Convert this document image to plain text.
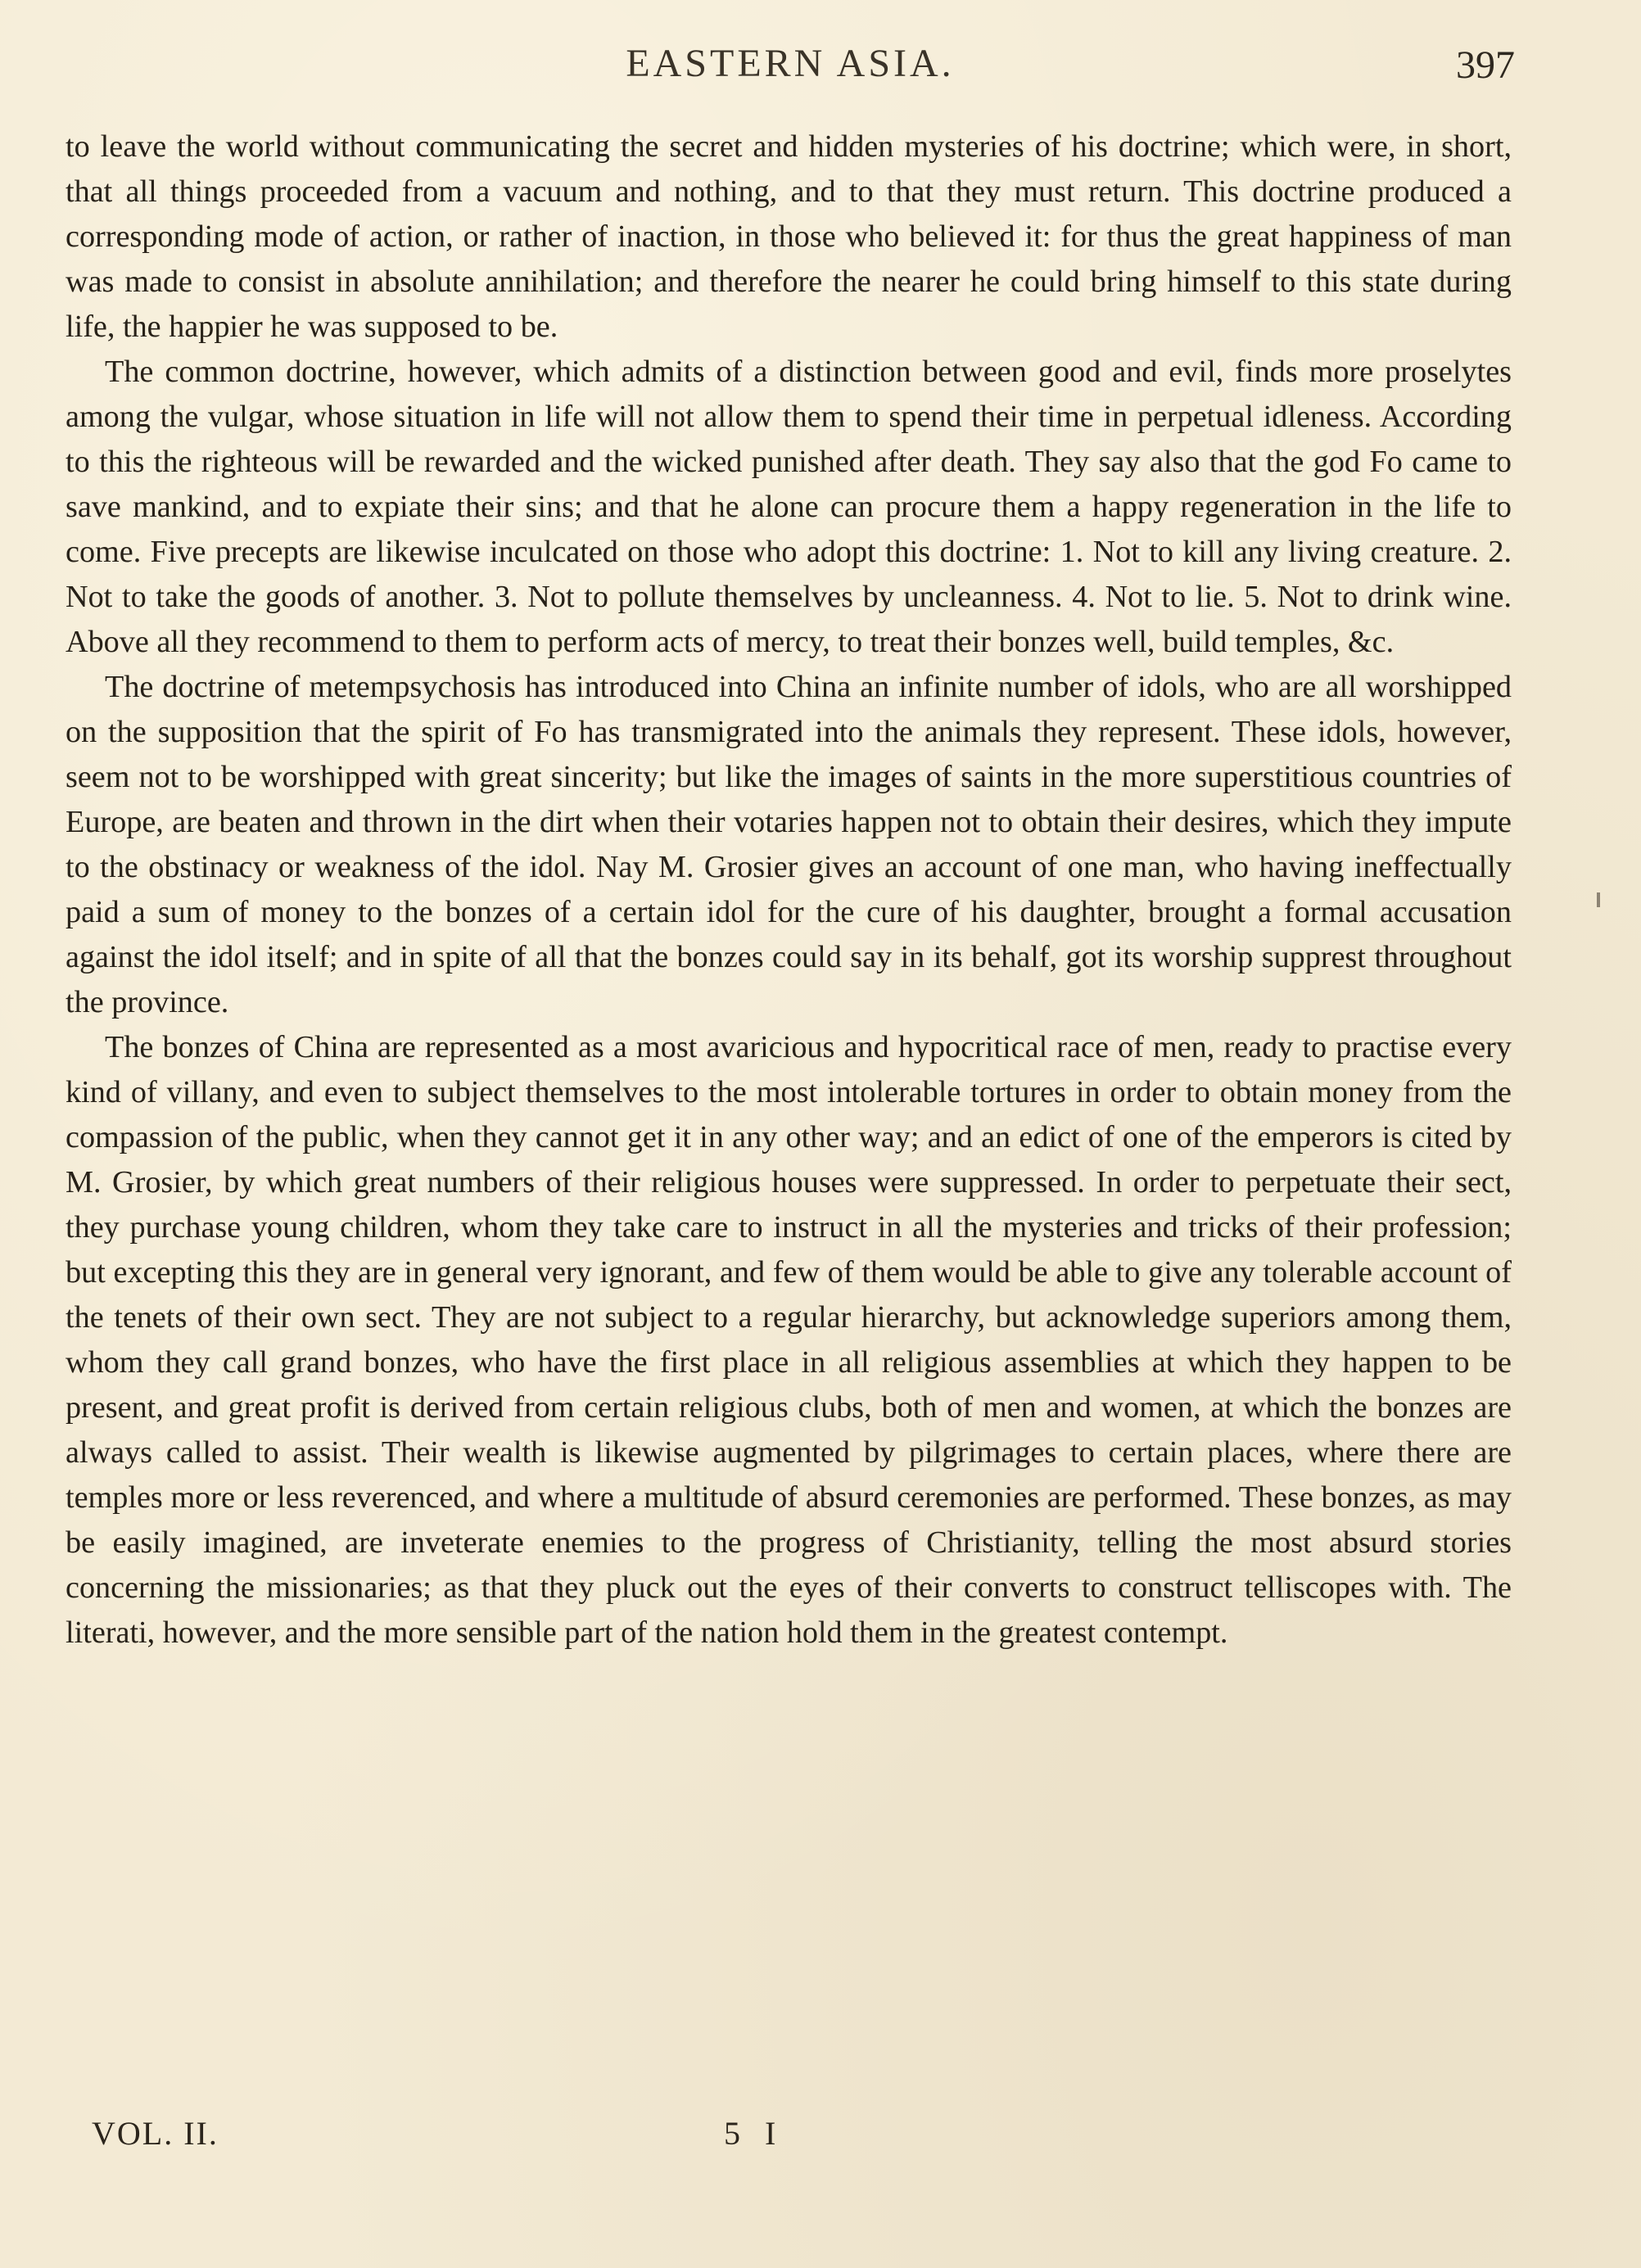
EASTERN ASIA.	397

to leave the world without communicating the secret and hidden mysteries of his doctrine; which were, in short, that all things proceeded from a vacuum and nothing, and to that they must return. This doctrine produced a corresponding mode of action, or rather of inaction, in those who believed it: for thus the great happiness of man was made to consist in absolute annihilation; and therefore the nearer he could bring himself to this state during life, the happier he was supposed to be.

The common doctrine, however, which admits of a distinction between good and evil, finds more proselytes among the vulgar, whose situation in life will not allow them to spend their time in perpetual idleness. According to this the righteous will be rewarded and the wicked punished after death. They say also that the god Fo came to save mankind, and to expiate their sins; and that he alone can procure them a happy regeneration in the life to come. Five precepts are likewise inculcated on those who adopt this doctrine: 1. Not to kill any living creature. 2. Not to take the goods of another. 3. Not to pollute themselves by uncleanness. 4. Not to lie. 5. Not to drink wine. Above all they recommend to them to perform acts of mercy, to treat their bonzes well, build temples, &c.

The doctrine of metempsychosis has introduced into China an infinite number of idols, who are all worshipped on the supposition that the spirit of Fo has transmigrated into the animals they represent. These idols, however, seem not to be worshipped with great sincerity; but like the images of saints in the more superstitious countries of Europe, are beaten and thrown in the dirt when their votaries happen not to obtain their desires, which they impute to the obstinacy or weakness of the idol. Nay M. Grosier gives an account of one man, who having ineffectually paid a sum of money to the bonzes of a certain idol for the cure of his daughter, brought a formal accusation against the idol itself; and in spite of all that the bonzes could say in its behalf, got its worship supprest throughout the province.

The bonzes of China are represented as a most avaricious and hypocritical race of men, ready to practise every kind of villany, and even to subject themselves to the most intolerable tortures in order to obtain money from the compassion of the public, when they cannot get it in any other way; and an edict of one of the emperors is cited by M. Grosier, by which great numbers of their religious houses were suppressed. In order to perpetuate their sect, they purchase young children, whom they take care to instruct in all the mysteries and tricks of their profession; but excepting this they are in general very ignorant, and few of them would be able to give any tolerable account of the tenets of their own sect. They are not subject to a regular hierarchy, but acknowledge superiors among them, whom they call grand bonzes, who have the first place in all religious assemblies at which they happen to be present, and great profit is derived from certain religious clubs, both of men and women, at which the bonzes are always called to assist. Their wealth is likewise augmented by pilgrimages to certain places, where there are temples more or less reverenced, and where a multitude of absurd ceremonies are performed. These bonzes, as may be easily imagined, are inveterate enemies to the progress of Christianity, telling the most absurd stories concerning the missionaries; as that they pluck out the eyes of their converts to construct telliscopes with. The literati, however, and the more sensible part of the nation hold them in the greatest contempt.

VOL. II.	5 I
